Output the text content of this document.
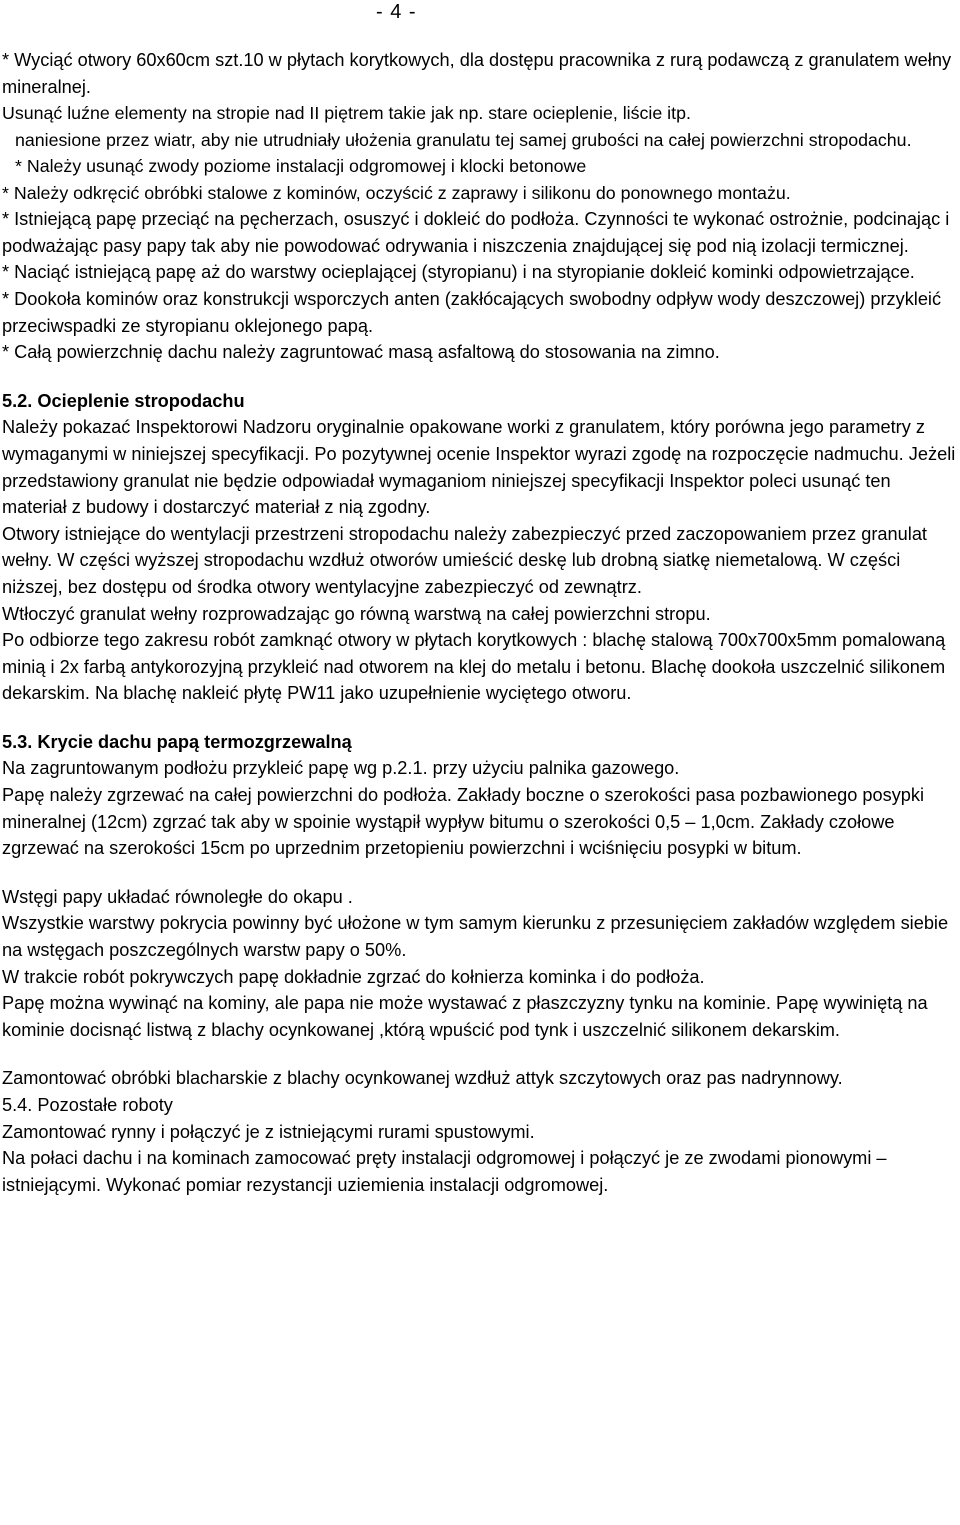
- 4 -

* Wyciąć otwory 60x60cm szt.10 w płytach korytkowych, dla dostępu pracownika z rurą podawczą z granulatem wełny mineralnej.

Usunąć luźne elementy na stropie nad II piętrem takie jak np. stare ocieplenie, liście itp.

naniesione przez wiatr, aby nie utrudniały ułożenia granulatu tej samej grubości na całej powierzchni stropodachu.

* Należy usunąć zwody poziome instalacji odgromowej i klocki betonowe

* Należy odkręcić obróbki stalowe z kominów, oczyścić z zaprawy i silikonu do ponownego montażu.

* Istniejącą papę przeciąć na pęcherzach, osuszyć i dokleić do podłoża. Czynności te wykonać ostrożnie, podcinając i podważając pasy papy tak aby nie powodować odrywania i niszczenia znajdującej się pod nią izolacji termicznej.

* Naciąć istniejącą papę aż do warstwy ocieplającej (styropianu) i na styropianie dokleić kominki odpowietrzające.

* Dookoła kominów oraz konstrukcji wsporczych anten (zakłócających swobodny odpływ wody deszczowej) przykleić przeciwspadki ze styropianu oklejonego papą.

* Całą powierzchnię dachu należy zagruntować masą asfaltową do stosowania na zimno.

5.2. Ocieplenie stropodachu

Należy pokazać Inspektorowi Nadzoru oryginalnie opakowane worki z granulatem, który porówna jego parametry z wymaganymi w niniejszej specyfikacji. Po pozytywnej ocenie Inspektor wyrazi zgodę na rozpoczęcie nadmuchu. Jeżeli przedstawiony granulat nie będzie odpowiadał wymaganiom niniejszej specyfikacji Inspektor poleci usunąć ten materiał z budowy i dostarczyć materiał z nią zgodny.

Otwory istniejące do wentylacji przestrzeni stropodachu należy zabezpieczyć przed zaczopowaniem przez granulat wełny. W części wyższej stropodachu wzdłuż otworów umieścić deskę lub drobną siatkę niemetalową. W części niższej, bez dostępu od środka otwory wentylacyjne zabezpieczyć od zewnątrz.

Wtłoczyć granulat wełny rozprowadzając go równą warstwą na całej powierzchni stropu.

Po odbiorze tego zakresu robót zamknąć otwory w płytach korytkowych : blachę stalową 700x700x5mm pomalowaną minią i 2x farbą antykorozyjną przykleić nad otworem na klej do metalu i betonu. Blachę dookoła uszczelnić silikonem dekarskim. Na blachę nakleić płytę PW11 jako uzupełnienie wyciętego otworu.

5.3. Krycie dachu papą termozgrzewalną

Na zagruntowanym podłożu przykleić papę wg p.2.1. przy użyciu palnika gazowego.

Papę należy zgrzewać na całej powierzchni do podłoża. Zakłady boczne o szerokości pasa pozbawionego posypki mineralnej (12cm) zgrzać tak aby w spoinie wystąpił wypływ bitumu o szerokości 0,5 – 1,0cm. Zakłady czołowe zgrzewać na szerokości 15cm po uprzednim przetopieniu powierzchni i wciśnięciu posypki w bitum.

Wstęgi papy układać równoległe do okapu .

Wszystkie warstwy pokrycia powinny być ułożone w tym samym kierunku z przesunięciem zakładów względem siebie na wstęgach poszczególnych warstw papy o 50%.

W trakcie robót pokrywczych papę dokładnie zgrzać do kołnierza kominka i do podłoża.

Papę można wywinąć na kominy, ale papa nie może wystawać z płaszczyzny tynku na kominie. Papę wywiniętą na kominie docisnąć listwą z blachy ocynkowanej ,którą wpuścić pod tynk i uszczelnić silikonem dekarskim.

Zamontować obróbki blacharskie z blachy ocynkowanej wzdłuż attyk szczytowych oraz pas nadrynnowy.

5.4. Pozostałe roboty

Zamontować rynny i połączyć je z istniejącymi rurami spustowymi.

Na połaci dachu i na kominach zamocować pręty instalacji odgromowej i połączyć je ze zwodami pionowymi – istniejącymi. Wykonać pomiar rezystancji uziemienia instalacji odgromowej.
